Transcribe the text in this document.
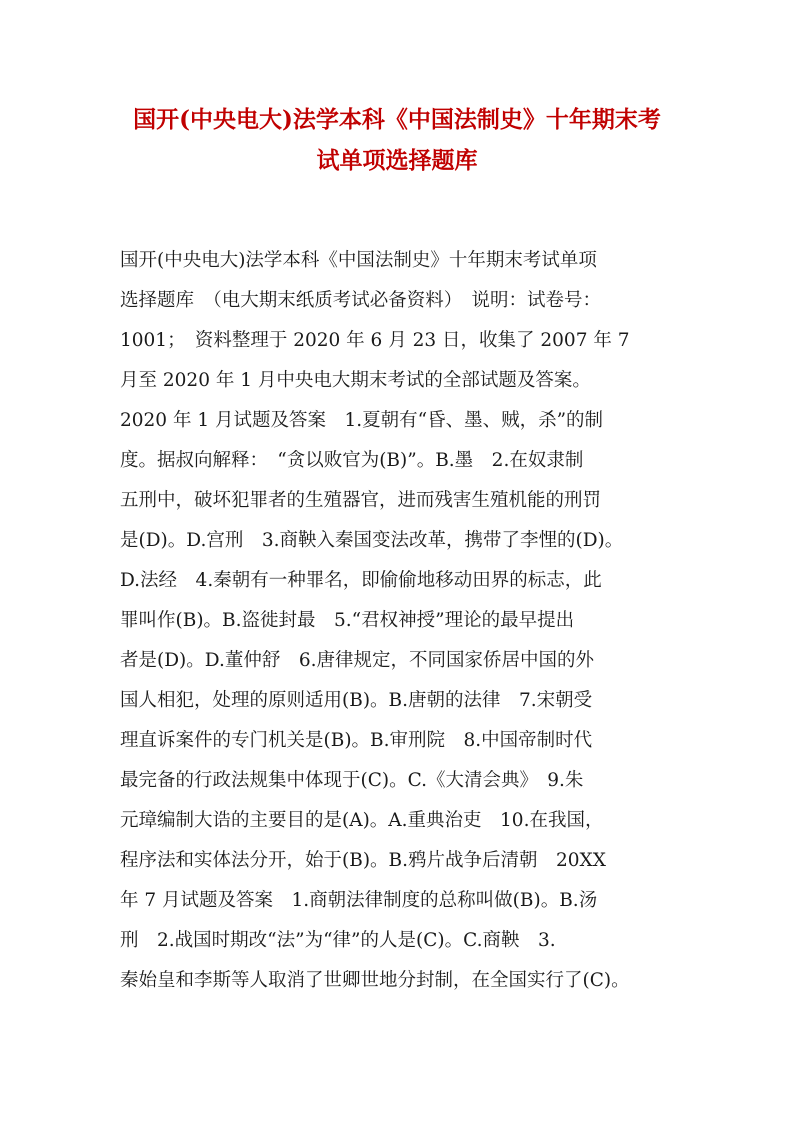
国开(中央电大)法学本科《中国法制史》十年期末考
试单项选择题库
国开(中央电大)法学本科《中国法制史》十年期末考试单项
选择题库　（电大期末纸质考试必备资料）　说明：试卷号：
1001；　资料整理于 2020 年 6 月 23 日，收集了 2007 年 7
月至 2020 年 1 月中央电大期末考试的全部试题及答案。
2020 年 1 月试题及答案　1.夏朝有“昏、墨、贼，杀”的制
度。据叔向解释：　“贪以败官为(B)”。B.墨　2.在奴隶制
五刑中，破坏犯罪者的生殖器官，进而残害生殖机能的刑罚
是(D)。D.宫刑　3.商鞅入秦国变法改革，携带了李悝的(D)。
D.法经　4.秦朝有一种罪名，即偷偷地移动田界的标志，此
罪叫作(B)。B.盗徙封最　5.“君权神授”理论的最早提出
者是(D)。D.董仲舒　6.唐律规定，不同国家侨居中国的外
国人相犯，处理的原则适用(B)。B.唐朝的法律　7.宋朝受
理直诉案件的专门机关是(B)。B.审刑院　8.中国帝制时代
最完备的行政法规集中体现于(C)。C.《大清会典》　9.朱
元璋编制大诰的主要目的是(A)。A.重典治吏　10.在我国，
程序法和实体法分开，始于(B)。B.鸦片战争后清朝　20XX
年 7 月试题及答案　1.商朝法律制度的总称叫做(B)。B.汤
刑　2.战国时期改“法”为“律”的人是(C)。C.商鞅　3.
秦始皇和李斯等人取消了世卿世地分封制，在全国实行了(C)。
